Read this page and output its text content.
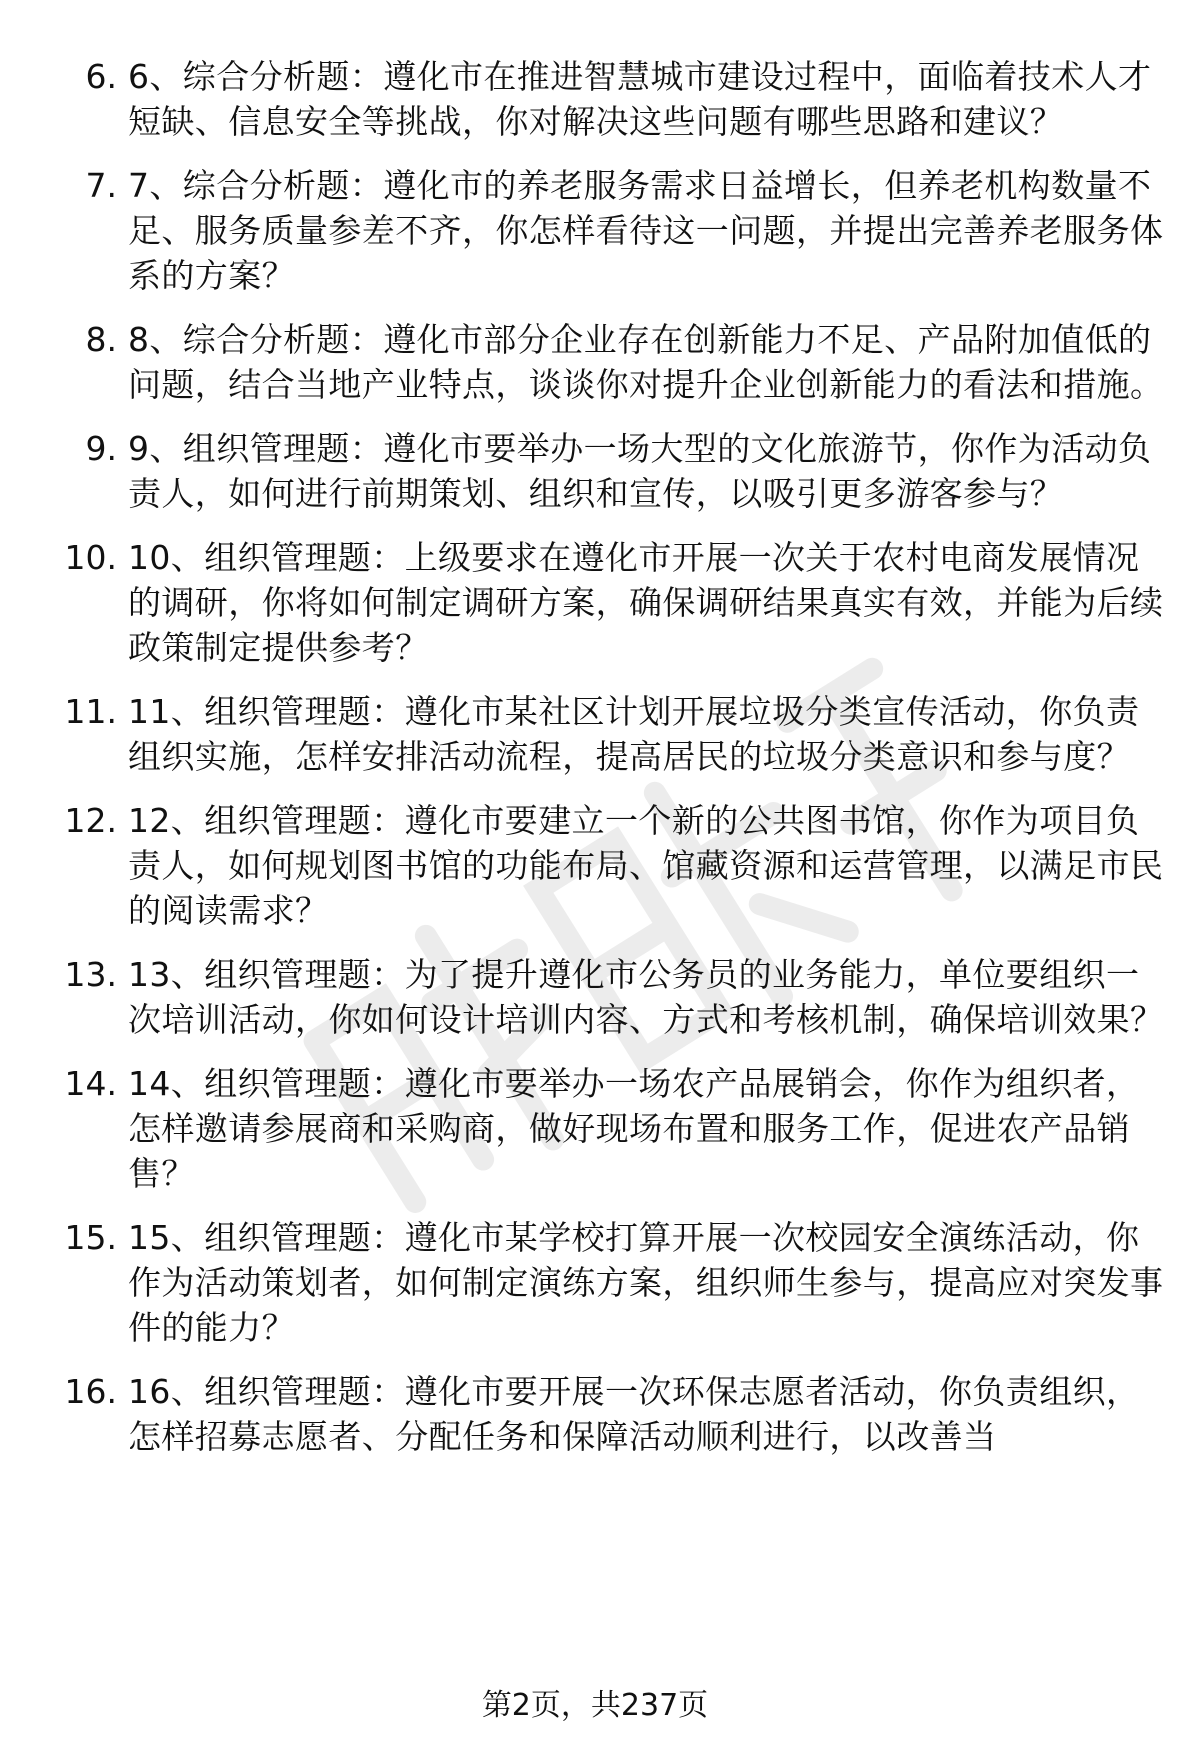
6. 6、综合分析题：遵化市在推进智慧城市建设过程中，面临着技术人才短缺、信息安全等挑战，你对解决这些问题有哪些思路和建议？
7. 7、综合分析题：遵化市的养老服务需求日益增长，但养老机构数量不足、服务质量参差不齐，你怎样看待这一问题，并提出完善养老服务体系的方案？
8. 8、综合分析题：遵化市部分企业存在创新能力不足、产品附加值低的问题，结合当地产业特点，谈谈你对提升企业创新能力的看法和措施。
9. 9、组织管理题：遵化市要举办一场大型的文化旅游节，你作为活动负责人，如何进行前期策划、组织和宣传，以吸引更多游客参与？
10. 10、组织管理题：上级要求在遵化市开展一次关于农村电商发展情况的调研，你将如何制定调研方案，确保调研结果真实有效，并能为后续政策制定提供参考？
11. 11、组织管理题：遵化市某社区计划开展垃圾分类宣传活动，你负责组织实施，怎样安排活动流程，提高居民的垃圾分类意识和参与度？
12. 12、组织管理题：遵化市要建立一个新的公共图书馆，你作为项目负责人，如何规划图书馆的功能布局、馆藏资源和运营管理，以满足市民的阅读需求？
13. 13、组织管理题：为了提升遵化市公务员的业务能力，单位要组织一次培训活动，你如何设计培训内容、方式和考核机制，确保培训效果？
14. 14、组织管理题：遵化市要举办一场农产品展销会，你作为组织者，怎样邀请参展商和采购商，做好现场布置和服务工作，促进农产品销售？
15. 15、组织管理题：遵化市某学校打算开展一次校园安全演练活动，你作为活动策划者，如何制定演练方案，组织师生参与，提高应对突发事件的能力？
16. 16、组织管理题：遵化市要开展一次环保志愿者活动，你负责组织，怎样招募志愿者、分配任务和保障活动顺利进行，以改善当
第2页，共237页
